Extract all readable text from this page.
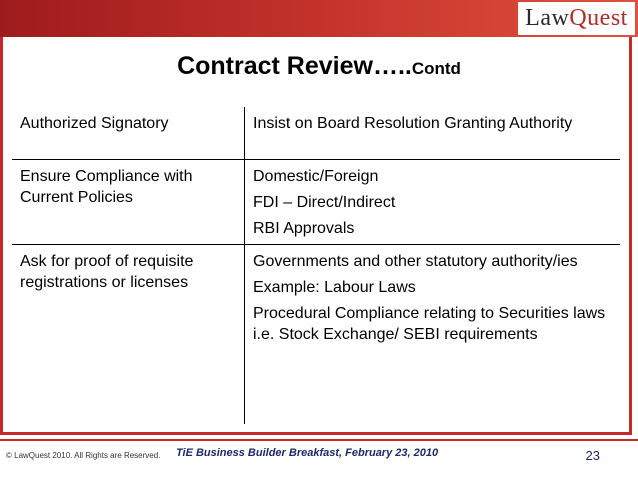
LawQuest
Contract Review…..Contd
Authorized Signatory	Insist on Board Resolution Granting Authority

Ensure Compliance with Current Policies	Domestic/Foreign
FDI – Direct/Indirect
RBI Approvals

Ask for proof of requisite registrations or licenses	Governments and other statutory authority/ies
Example: Labour Laws
Procedural Compliance relating to Securities laws i.e. Stock Exchange/ SEBI requirements
© LawQuest 2010. All Rights are Reserved. TiE Business Builder Breakfast, February 23, 2010	23
